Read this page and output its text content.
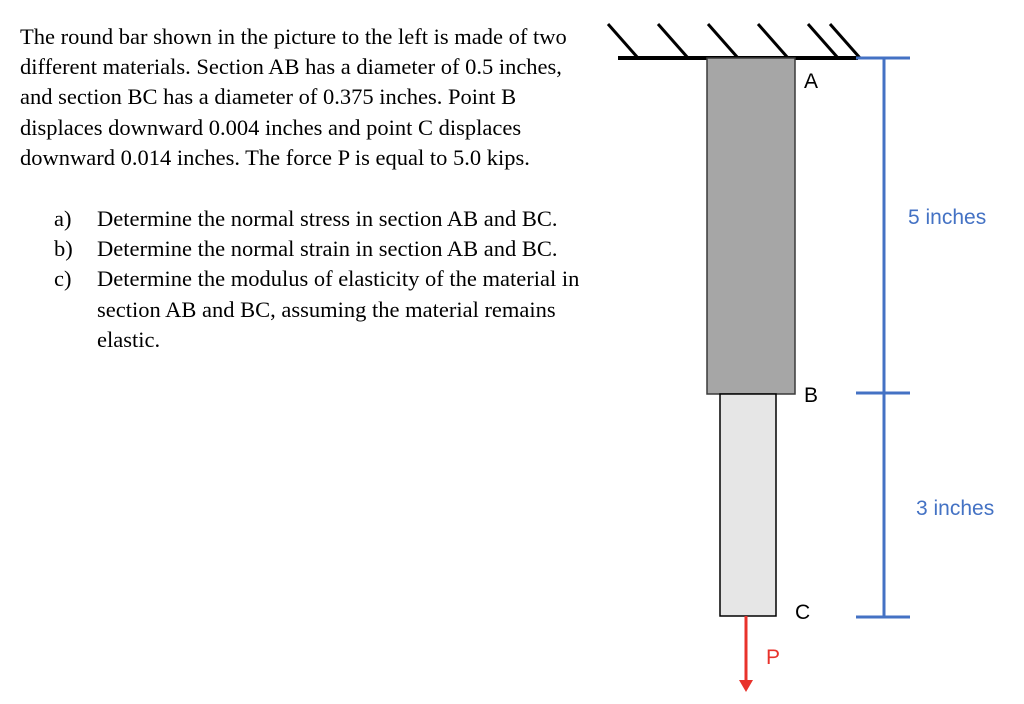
The round bar shown in the picture to the left is made of two different materials. Section AB has a diameter of 0.5 inches, and section BC has a diameter of 0.375 inches. Point B displaces downward 0.004 inches and point C displaces downward 0.014 inches. The force P is equal to 5.0 kips.

a) Determine the normal stress in section AB and BC.
b) Determine the normal strain in section AB and BC.
c) Determine the modulus of elasticity of the material in section AB and BC, assuming the material remains elastic.
A
B
C
P
5 inches
3 inches
